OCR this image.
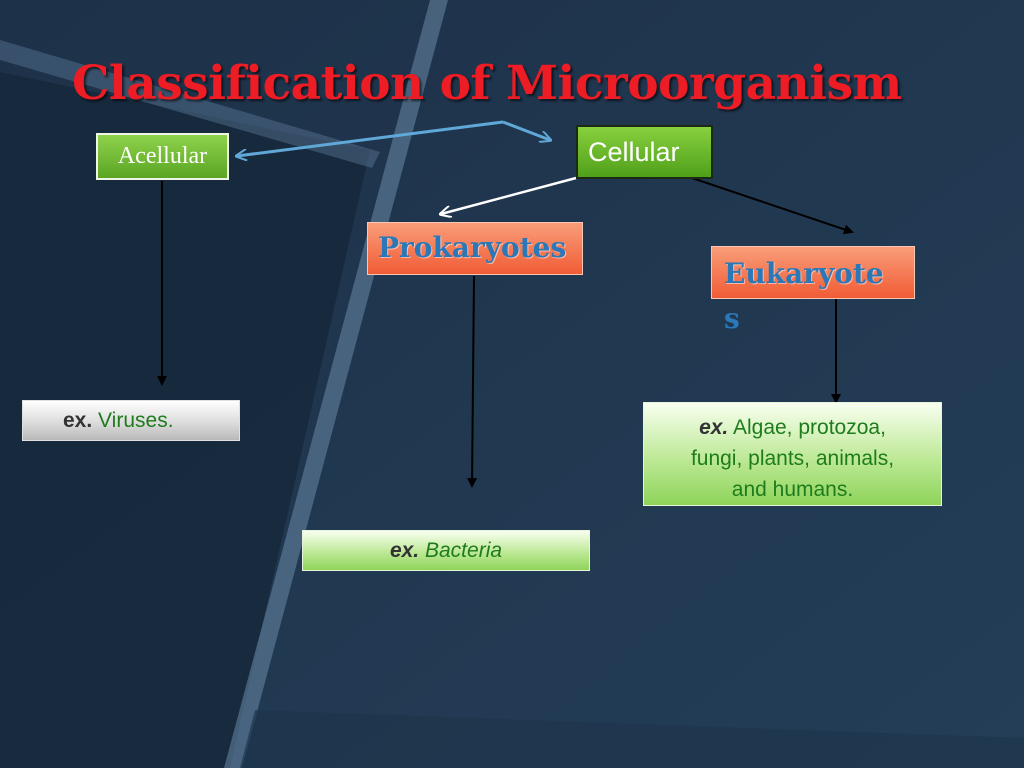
Classification of Microorganism
Acellular	Cellular
Prokaryotes
Eukaryote
s
ex. Viruses.
ex. Bacteria
ex. Algae, protozoa,
fungi, plants, animals,
and humans.
